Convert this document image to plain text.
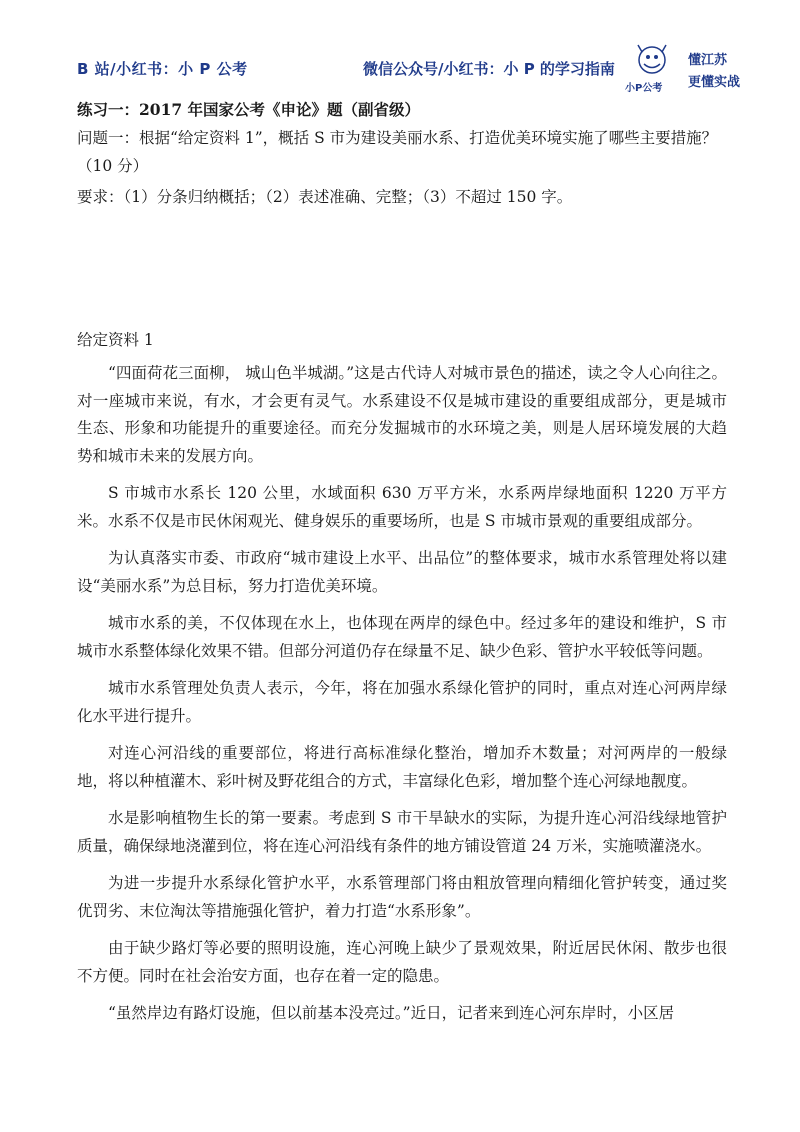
B 站/小红书：小 P 公考	微信公众号/小红书：小 P 的学习指南
小P公考
懂江苏
更懂实战

练习一：2017 年国家公考《申论》题（副省级）

问题一：根据“给定资料 1”，概括 S 市为建设美丽水系、打造优美环境实施了哪些主要措施？（10 分）

要求：（1）分条归纳概括；（2）表述准确、完整；（3）不超过 150 字。

给定资料 1

“四面荷花三面柳， 城山色半城湖。”这是古代诗人对城市景色的描述，读之令人心向往之。对一座城市来说，有水，才会更有灵气。水系建设不仅是城市建设的重要组成部分，更是城市生态、形象和功能提升的重要途径。而充分发掘城市的水环境之美，则是人居环境发展的大趋势和城市未来的发展方向。

S 市城市水系长 120 公里，水域面积 630 万平方米，水系两岸绿地面积 1220 万平方米。水系不仅是市民休闲观光、健身娱乐的重要场所，也是 S 市城市景观的重要组成部分。

为认真落实市委、市政府“城市建设上水平、出品位”的整体要求，城市水系管理处将以建设“美丽水系”为总目标，努力打造优美环境。

城市水系的美，不仅体现在水上，也体现在两岸的绿色中。经过多年的建设和维护，S 市城市水系整体绿化效果不错。但部分河道仍存在绿量不足、缺少色彩、管护水平较低等问题。

城市水系管理处负责人表示，今年，将在加强水系绿化管护的同时，重点对连心河两岸绿化水平进行提升。

对连心河沿线的重要部位，将进行高标准绿化整治，增加乔木数量；对河两岸的一般绿地，将以种植灌木、彩叶树及野花组合的方式，丰富绿化色彩，增加整个连心河绿地靓度。

水是影响植物生长的第一要素。考虑到 S 市干旱缺水的实际，为提升连心河沿线绿地管护质量，确保绿地浇灌到位，将在连心河沿线有条件的地方铺设管道 24 万米，实施喷灌浇水。

为进一步提升水系绿化管护水平，水系管理部门将由粗放管理向精细化管护转变，通过奖优罚劣、末位淘汰等措施强化管护，着力打造“水系形象”。

由于缺少路灯等必要的照明设施，连心河晚上缺少了景观效果，附近居民休闲、散步也很不方便。同时在社会治安方面，也存在着一定的隐患。

“虽然岸边有路灯设施，但以前基本没亮过。”近日，记者来到连心河东岸时，小区居
